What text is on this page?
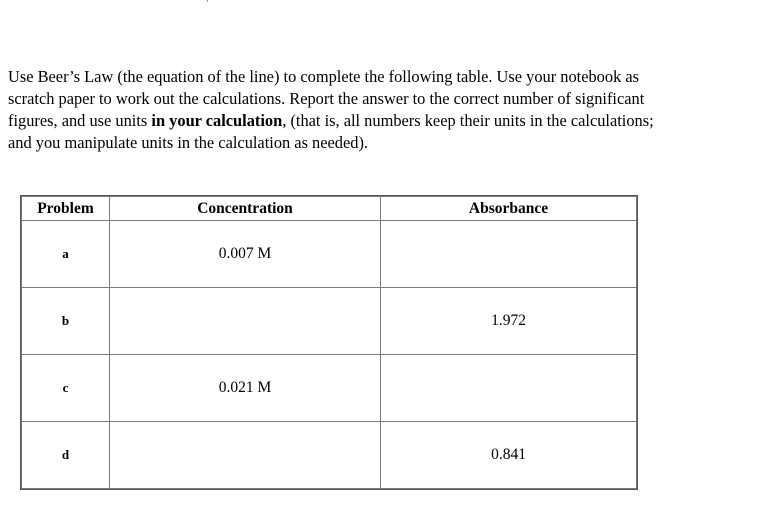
Use Beer’s Law (the equation of the line) to complete the following table. Use your notebook as
scratch paper to work out the calculations. Report the answer to the correct number of significant
figures, and use units in your calculation, (that is, all numbers keep their units in the calculations;
and you manipulate units in the calculation as needed).
Problem	Concentration	Absorbance
a	0.007 M	
b		1.972
c	0.021 M	
d		0.841
